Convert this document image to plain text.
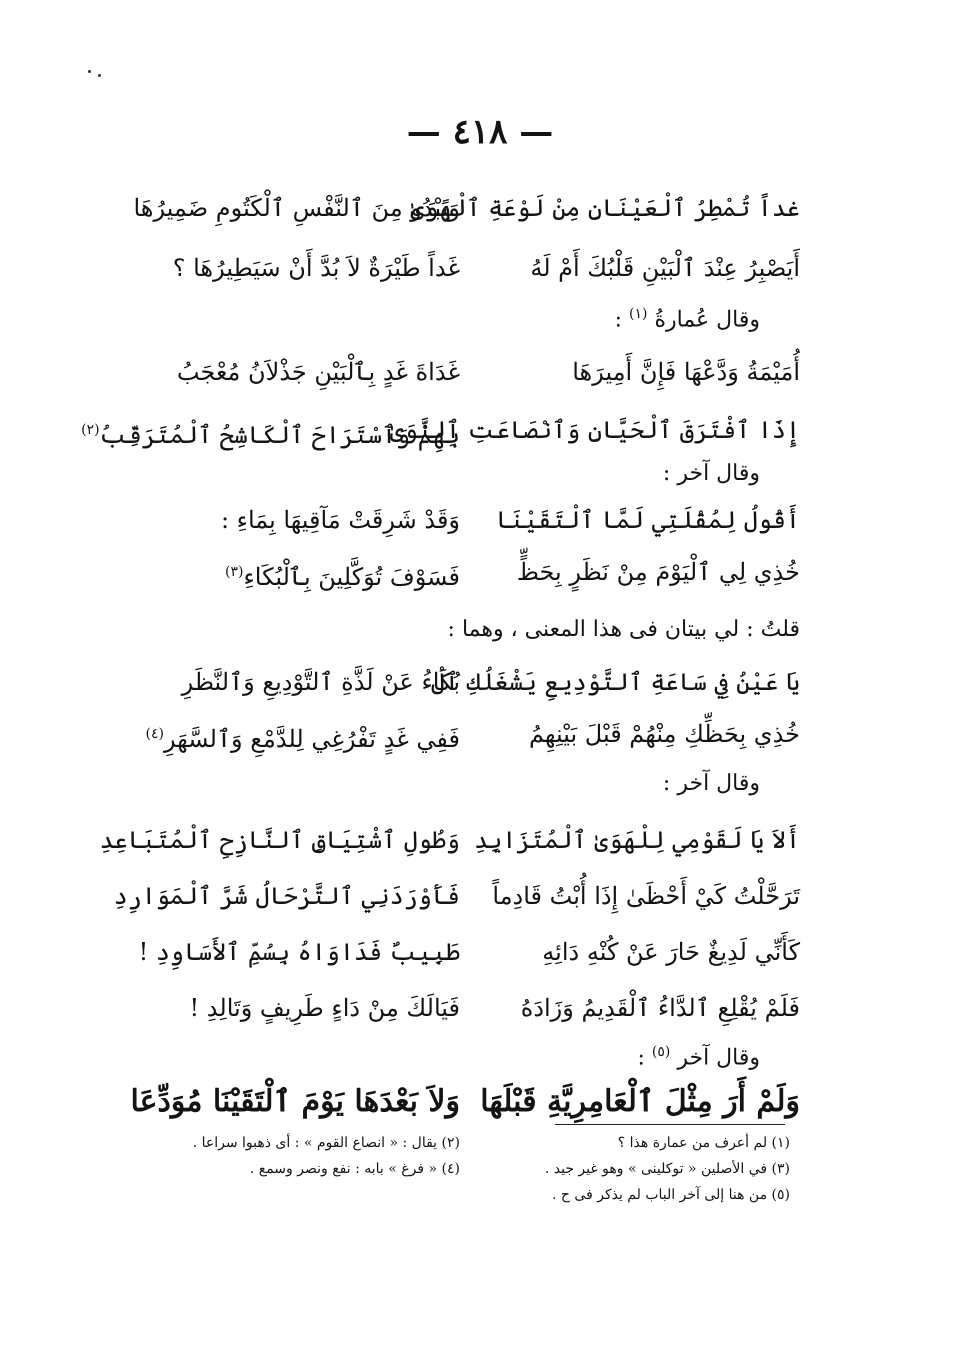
— ٤١٨ —
غداً تُمْطِرُ ٱلْعَيْنَانِ مِنْ لَوْعَةِ ٱلْهَوَىٰ
وَيَبْدُو مِنَ ٱلنَّفْسِ ٱلْكَتُومِ ضَمِيرُهَا
أَيَصْبِرُ عِنْدَ ٱلْبَيْنِ قَلْبُكَ أَمْ لَهُ
غَداً طَيْرَةٌ لاَ بُدَّ أَنْ سَيَطِيرُهَا ؟
وقال عُمارةُ $^{(١)}$ :
أُمَيْمَةُ وَدَّعْهَا فَإِنَّ أَمِيرَهَا
غَدَاةَ غَدٍ بِٱلْبَيْنِ جَذْلاَنُ مُعْجَبُ
إِذَا ٱفْتَرَقَ ٱلْحَيَّانِ وَٱنْصَاعَتِ ٱلنَّوَىٰ
بِهِمْ وَٱسْتَرَاحَ ٱلْكَاشِحُ ٱلْمُتَرَقِّبُ$^{(٢)}$
وقال آخر :
أَقُولُ لِمُقْلَتِي لَمَّا ٱلْتَقَيْنَا
وَقَدْ شَرِقَتْ مَآقِيهَا بِمَاءِ :
خُذِي لِي ٱلْيَوْمَ مِنْ نَظَرٍ بِحَظٍّ
فَسَوْفَ تُوَكَّلِينَ بِٱلْبُكَاءِ$^{(٣)}$
قلتُ : لي بيتان فى هذا المعنى ، وهما :
يَا عَيْنُ فِي سَاعَةِ ٱلتَّوْدِيعِ يَشْغَلُكِ ٱلْ
بُكَاءُ عَنْ لَذَّةِ ٱلتَّوْدِيعِ وَٱلنَّظَرِ
خُذِي بِحَظِّكِ مِنْهُمْ قَبْلَ بَيْنِهِمُ
فَفِي غَدٍ تَفْرُغِي لِلدَّمْعِ وَٱلسَّهَرِ$^{(٤)}$
وقال آخر :
أَلاَ يَا لَقَوْمِي لِلْهَوَىٰ ٱلْمُتَزَايِدِ
وَطُولِ ٱشْتِيَاقِ ٱلنَّازِحِ ٱلْمُتَبَاعِدِ
تَرَحَّلْتُ كَيْ أَحْظَىٰ إِذَا أُبْتُ قَادِماً
فَأَوْرَدَنِي ٱلتَّرْحَالُ شَرَّ ٱلْمَوَارِدِ
كَأَنِّي لَدِيغٌ حَارَ عَنْ كُنْهِ دَائِهِ
طَبِيبٌ فَدَاوَاهُ بِسُمِّ ٱلأَسَاوِدِ !
فَلَمْ يُقْلِعِ ٱلدَّاءُ ٱلْقَدِيمُ وَزَادَهُ
فَيَالَكَ مِنْ دَاءٍ طَرِيفٍ وَتَالِدِ !
وقال آخر $^{(٥)}$ :
وَلَمْ أَرَ مِثْلَ ٱلْعَامِرِيَّةِ قَبْلَهَا
وَلاَ بَعْدَهَا يَوْمَ ٱلْتَقَيْنَا مُوَدِّعَا
(١) لم أعرف من عمارة هذا ؟
(٢) يقال : « انصاع القوم » : أى ذهبوا سراعا .
(٣) في الأصلين « توكلينى » وهو غير جيد .
(٤) « فرغ » بابه : نفع ونصر وسمع .
(٥) من هنا إلى آخر الباب لم يذكر فى ح .
